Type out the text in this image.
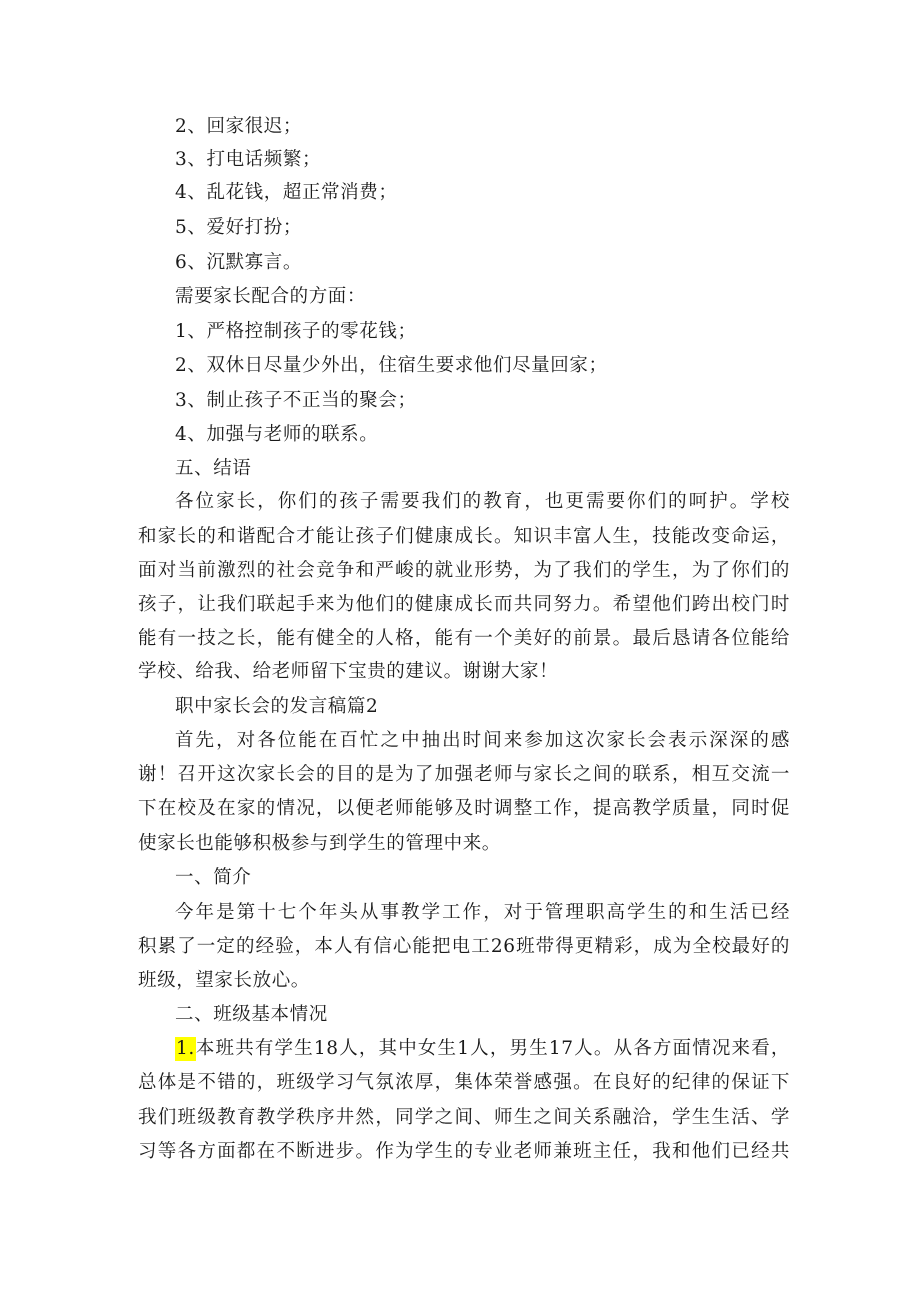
2、回家很迟；
3、打电话频繁；
4、乱花钱，超正常消费；
5、爱好打扮；
6、沉默寡言。
需要家长配合的方面：
1、严格控制孩子的零花钱；
2、双休日尽量少外出，住宿生要求他们尽量回家；
3、制止孩子不正当的聚会；
4、加强与老师的联系。
五、结语
各位家长，你们的孩子需要我们的教育，也更需要你们的呵护。学校
和家长的和谐配合才能让孩子们健康成长。知识丰富人生，技能改变命运，
面对当前激烈的社会竞争和严峻的就业形势，为了我们的学生，为了你们的
孩子，让我们联起手来为他们的健康成长而共同努力。希望他们跨出校门时
能有一技之长，能有健全的人格，能有一个美好的前景。最后恳请各位能给
学校、给我、给老师留下宝贵的建议。谢谢大家！
职中家长会的发言稿篇2
首先，对各位能在百忙之中抽出时间来参加这次家长会表示深深的感
谢！召开这次家长会的目的是为了加强老师与家长之间的联系，相互交流一
下在校及在家的情况，以便老师能够及时调整工作，提高教学质量，同时促
使家长也能够积极参与到学生的管理中来。
一、简介
今年是第十七个年头从事教学工作，对于管理职高学生的和生活已经
积累了一定的经验，本人有信心能把电工26班带得更精彩，成为全校最好的
班级，望家长放心。
二、班级基本情况
1. 本班共有学生18人，其中女生1人，男生17人。从各方面情况来看，
总体是不错的，班级学习气氛浓厚，集体荣誉感强。在良好的纪律的保证下
我们班级教育教学秩序井然，同学之间、师生之间关系融洽，学生生活、学
习等各方面都在不断进步。作为学生的专业老师兼班主任，我和他们已经共
